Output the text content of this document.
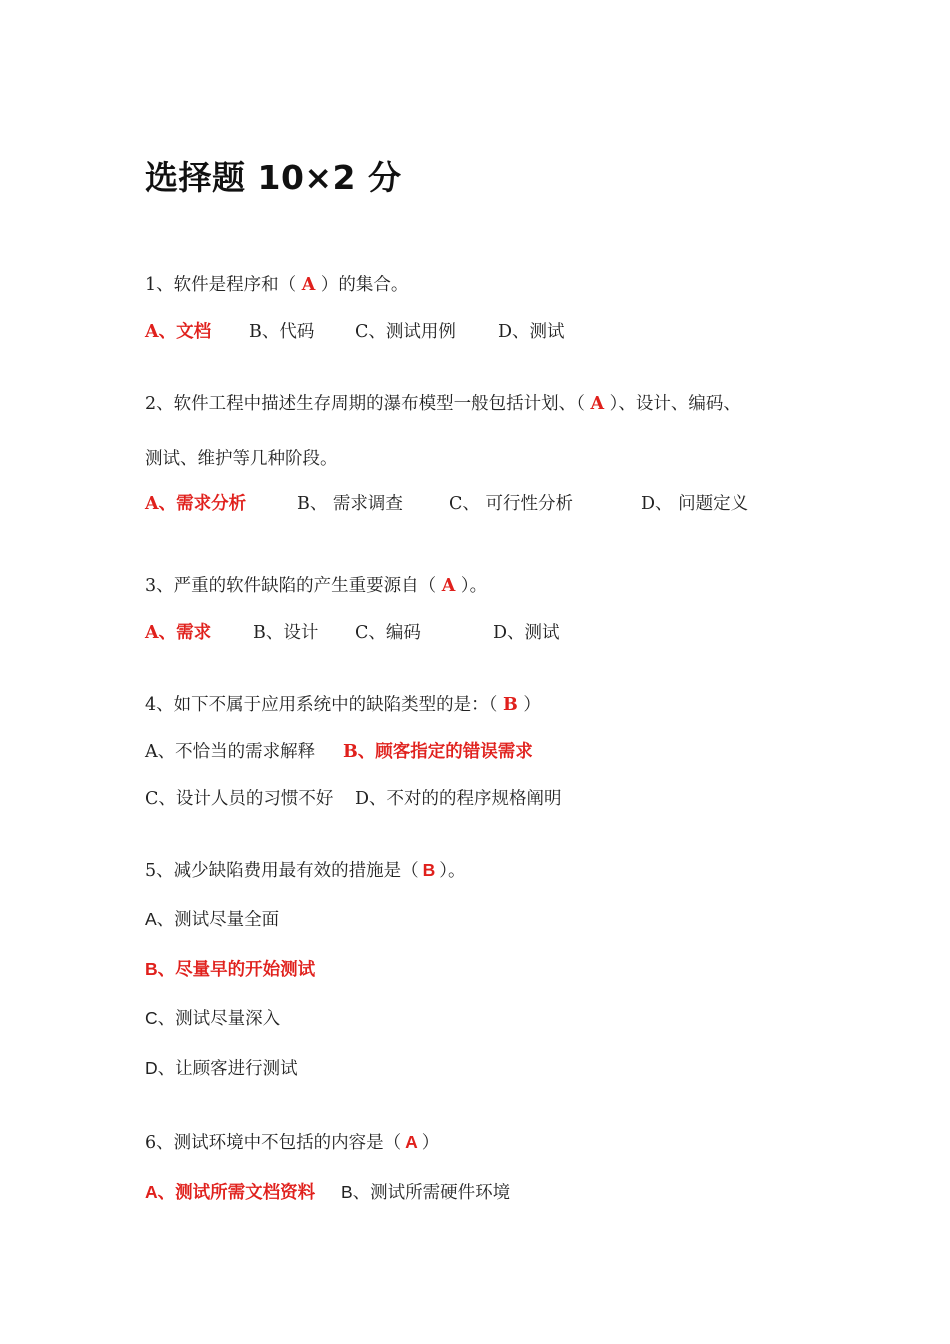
选择题 10×2 分
1、软件是程序和（ A ）的集合。
A、文档 B、代码 C、测试用例 D、测试
2、软件工程中描述生存周期的瀑布模型一般包括计划、（ A ）、设计、编码、
测试、维护等几种阶段。
A、需求分析	B、 需求调查	C、 可行性分析	D、 问题定义
3、严重的软件缺陷的产生重要源自（ A ）。
A、需求 B、设计 C、编码	D、测试
4、如下不属于应用系统中的缺陷类型的是：（ B ）
A、不恰当的需求解释 B、顾客指定的错误需求
C、设计人员的习惯不好 D、不对的的程序规格阐明
5、减少缺陷费用最有效的措施是（ B ）。
A、测试尽量全面
B、尽量早的开始测试
C、测试尽量深入
D、让顾客进行测试
6、测试环境中不包括的内容是（ A ）
A、测试所需文档资料 B、测试所需硬件环境
